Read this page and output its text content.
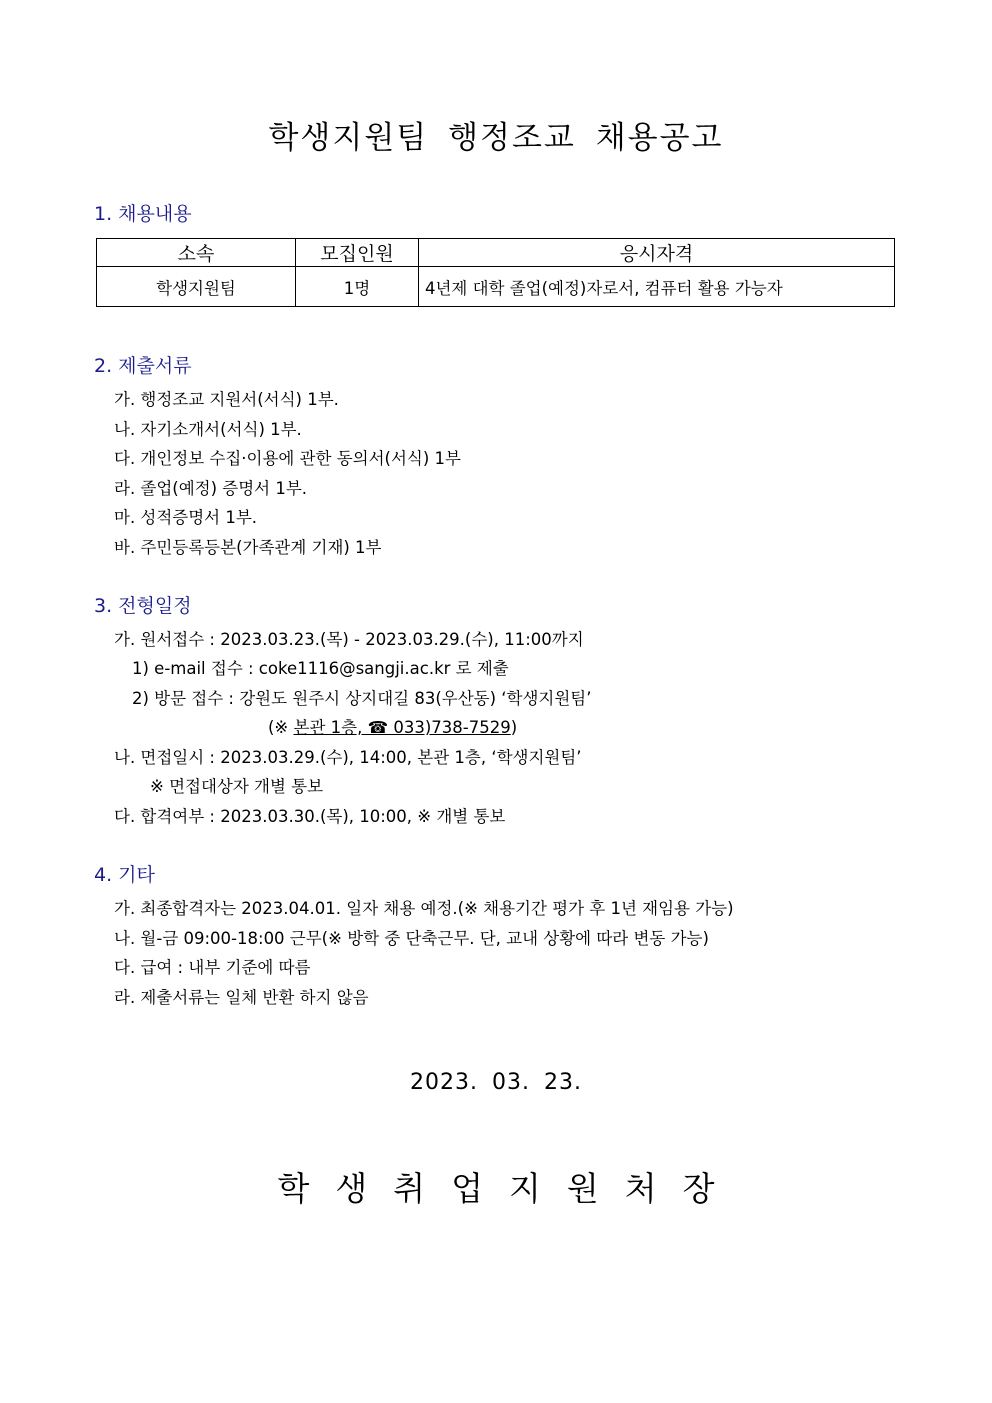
학생지원팀 행정조교 채용공고
1. 채용내용
소속	모집인원	응시자격
학생지원팀	1명	4년제 대학 졸업(예정)자로서, 컴퓨터 활용 가능자
2. 제출서류
가. 행정조교 지원서(서식) 1부.
나. 자기소개서(서식) 1부.
다. 개인정보 수집·이용에 관한 동의서(서식) 1부
라. 졸업(예정) 증명서 1부.
마. 성적증명서 1부.
바. 주민등록등본(가족관계 기재) 1부
3. 전형일정
가. 원서접수 : 2023.03.23.(목) - 2023.03.29.(수), 11:00까지
1) e-mail 접수 : coke1116@sangji.ac.kr 로 제출
2) 방문 접수 : 강원도 원주시 상지대길 83(우산동) ‘학생지원팀’
(※ 본관 1층, ☎ 033)738-7529)
나. 면접일시 : 2023.03.29.(수), 14:00, 본관 1층, ‘학생지원팀’
※ 면접대상자 개별 통보
다. 합격여부 : 2023.03.30.(목), 10:00, ※ 개별 통보
4. 기타
가. 최종합격자는 2023.04.01. 일자 채용 예정.(※ 채용기간 평가 후 1년 재임용 가능)
나. 월-금 09:00-18:00 근무(※ 방학 중 단축근무. 단, 교내 상황에 따라 변동 가능)
다. 급여 : 내부 기준에 따름
라. 제출서류는 일체 반환 하지 않음
2023. 03. 23.
학생취업지원처장
